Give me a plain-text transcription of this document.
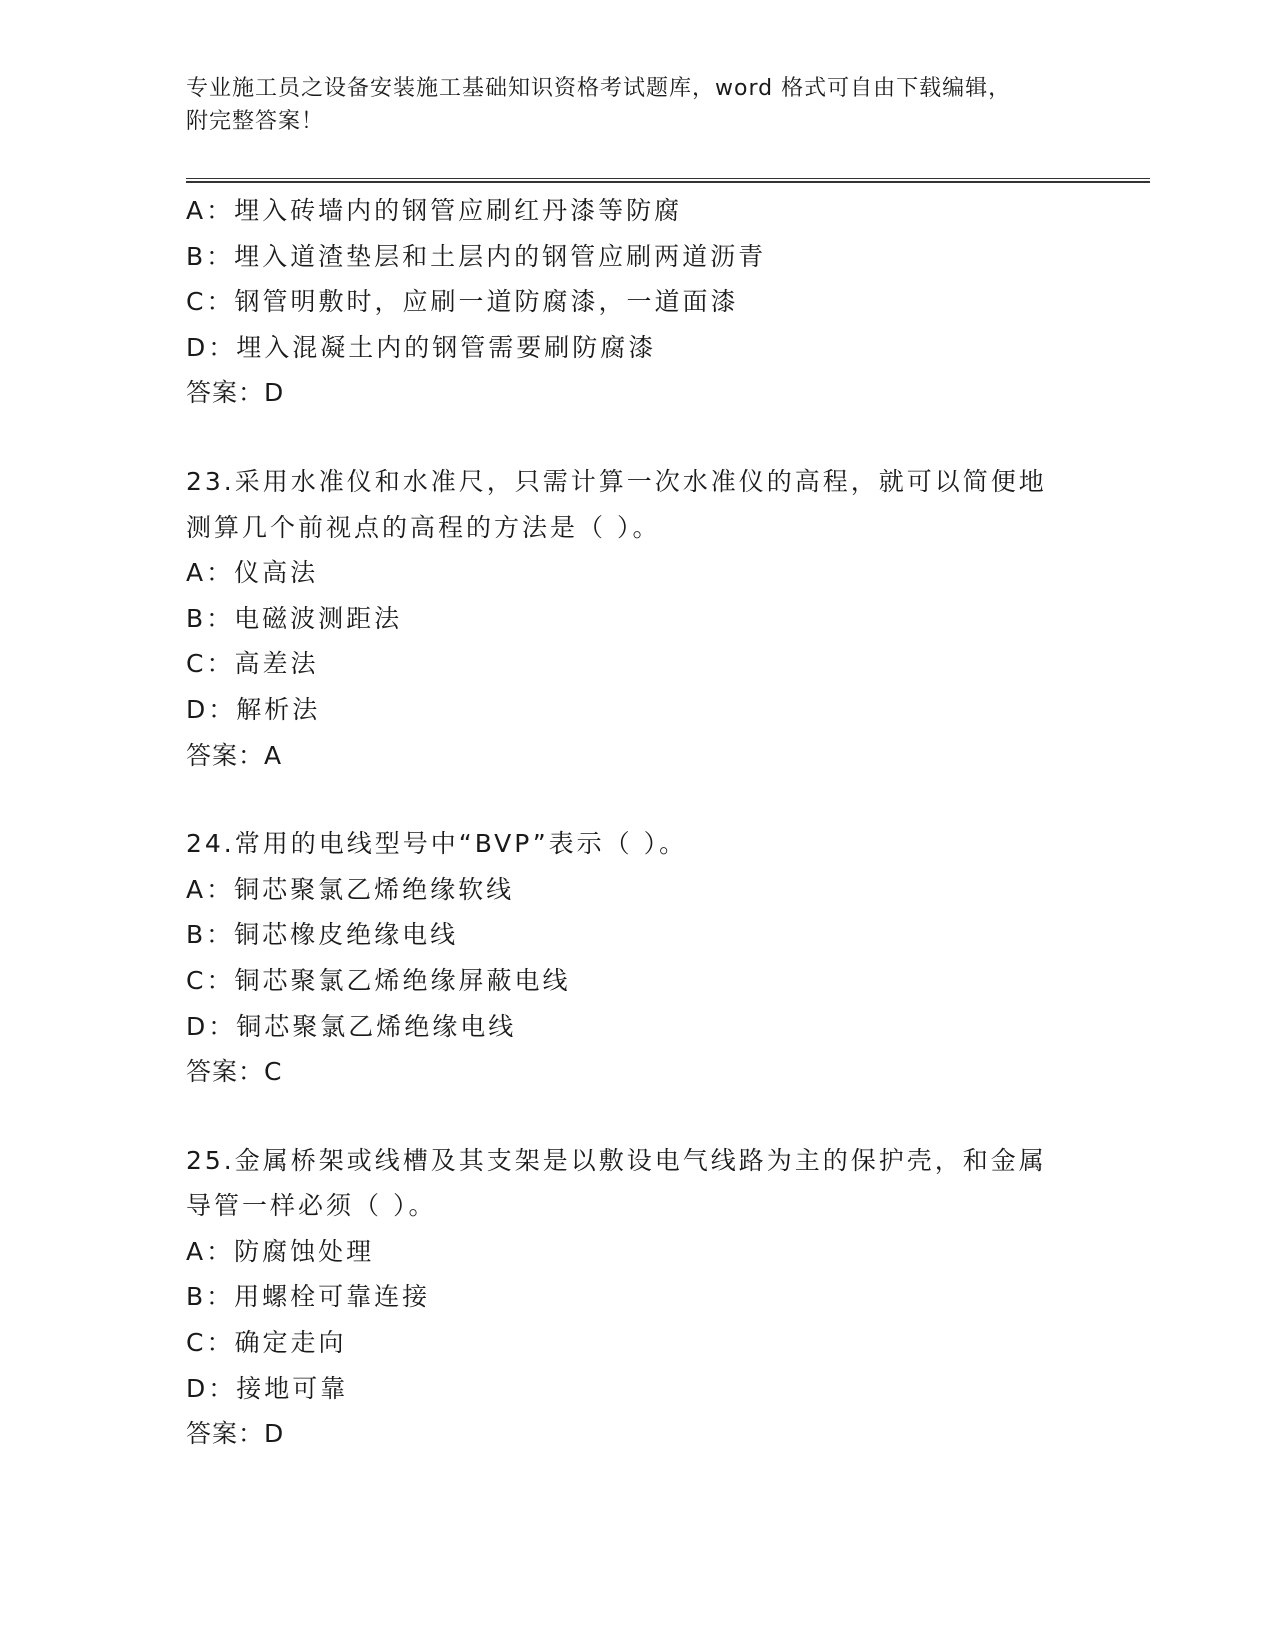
专业施工员之设备安装施工基础知识资格考试题库，word 格式可自由下载编辑，
附完整答案！
A：埋入砖墙内的钢管应刷红丹漆等防腐
B：埋入道渣垫层和土层内的钢管应刷两道沥青
C：钢管明敷时，应刷一道防腐漆，一道面漆
D：埋入混凝土内的钢管需要刷防腐漆
答案：D
23.采用水准仪和水准尺，只需计算一次水准仪的高程，就可以简便地
测算几个前视点的高程的方法是（ ）。
A：仪高法
B：电磁波测距法
C：高差法
D：解析法
答案：A
24.常用的电线型号中“BVP”表示（ ）。
A：铜芯聚氯乙烯绝缘软线
B：铜芯橡皮绝缘电线
C：铜芯聚氯乙烯绝缘屏蔽电线
D：铜芯聚氯乙烯绝缘电线
答案：C
25.金属桥架或线槽及其支架是以敷设电气线路为主的保护壳，和金属
导管一样必须（ ）。
A：防腐蚀处理
B：用螺栓可靠连接
C：确定走向
D：接地可靠
答案：D
